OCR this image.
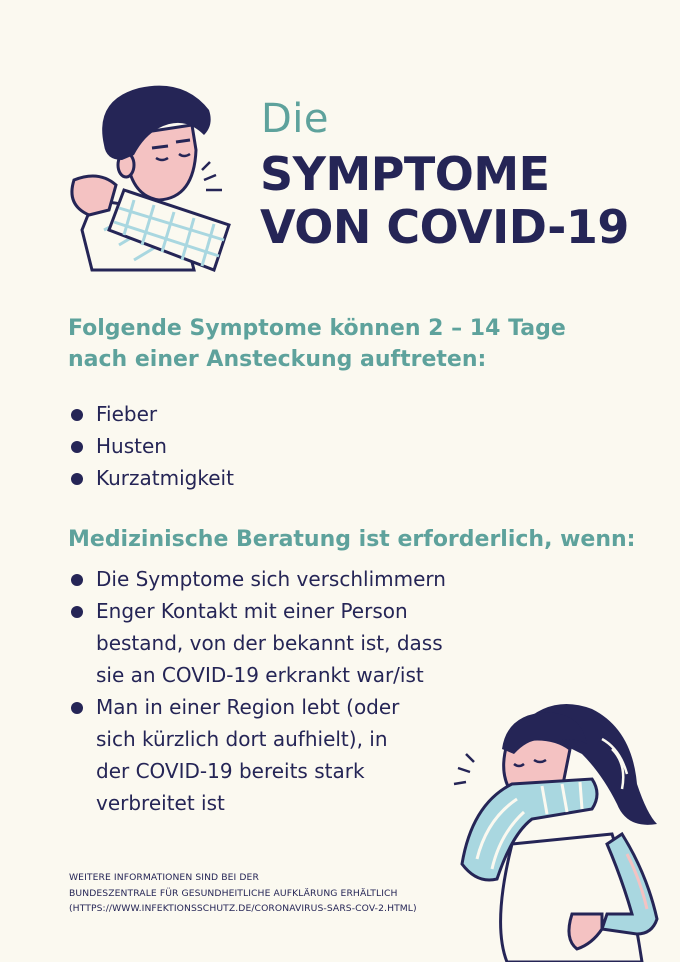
Die
SYMPTOME
VON COVID-19
Folgende Symptome können 2 – 14 Tage nach einer Ansteckung auftreten:
Fieber
Husten
Kurzatmigkeit
Medizinische Beratung ist erforderlich, wenn:
Die Symptome sich verschlimmern
Enger Kontakt mit einer Person bestand, von der bekannt ist, dass sie an COVID-19 erkrankt war/ist
Man in einer Region lebt (oder sich kürzlich dort aufhielt), in der COVID-19 bereits stark verbreitet ist
WEITERE INFORMATIONEN SIND BEI DER
BUNDESZENTRALE FÜR GESUNDHEITLICHE AUFKLÄRUNG ERHÄLTLICH
(HTTPS://WWW.INFEKTIONSSCHUTZ.DE/CORONAVIRUS-SARS-COV-2.HTML)
